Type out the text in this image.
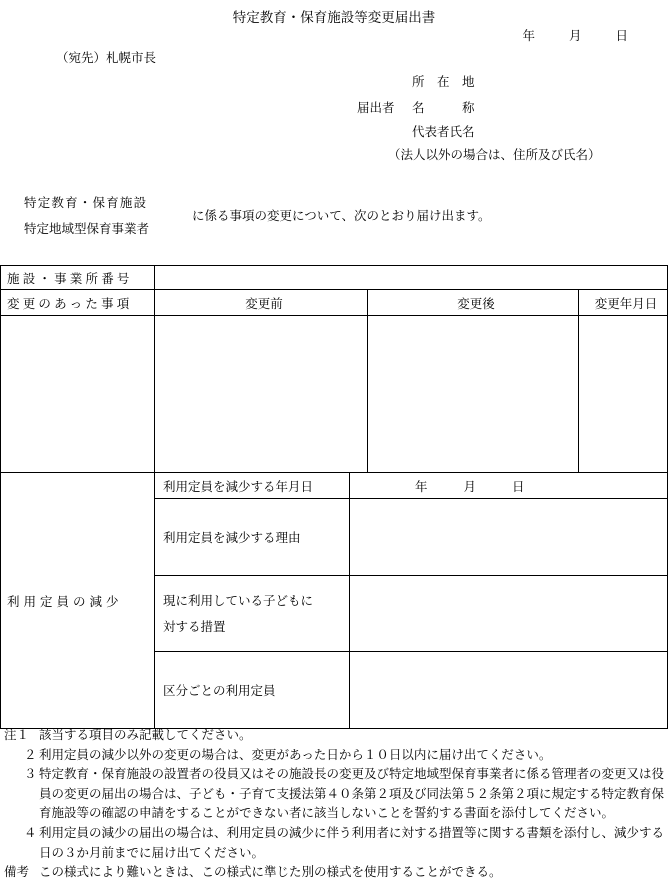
特定教育・保育施設等変更届出書
年	月	日
（宛先）札幌市長
所　在　地
届出者 名　　　称
代表者氏名
（法人以外の場合は、住所及び氏名）
特定教育・保育施設
特定地域型保育事業者
に係る事項の変更について、次のとおり届け出ます。
施設・事業所番号				
変更のあった事項	変更前		変更後	変更年月日

利用定員の減少	利用定員を減少する年月日	年 月 日		
	利用定員を減少する理由			
	現に利用している子どもに
対する措置			
	区分ごとの利用定員			
注１ 該当する項目のみ記載してください。
２ 利用定員の減少以外の変更の場合は、変更があった日から１０日以内に届け出てください。
３ 特定教育・保育施設の設置者の役員又はその施設長の変更及び特定地域型保育事業者に係る管理者の変更又は役員の変更の届出の場合は、子ども・子育て支援法第４０条第２項及び同法第５２条第２項に規定する特定教育保育施設等の確認の申請をすることができない者に該当しないことを誓約する書面を添付してください。
４ 利用定員の減少の届出の場合は、利用定員の減少に伴う利用者に対する措置等に関する書類を添付し、減少する日の３か月前までに届け出てください。
備考 この様式により難いときは、この様式に準じた別の様式を使用することができる。
